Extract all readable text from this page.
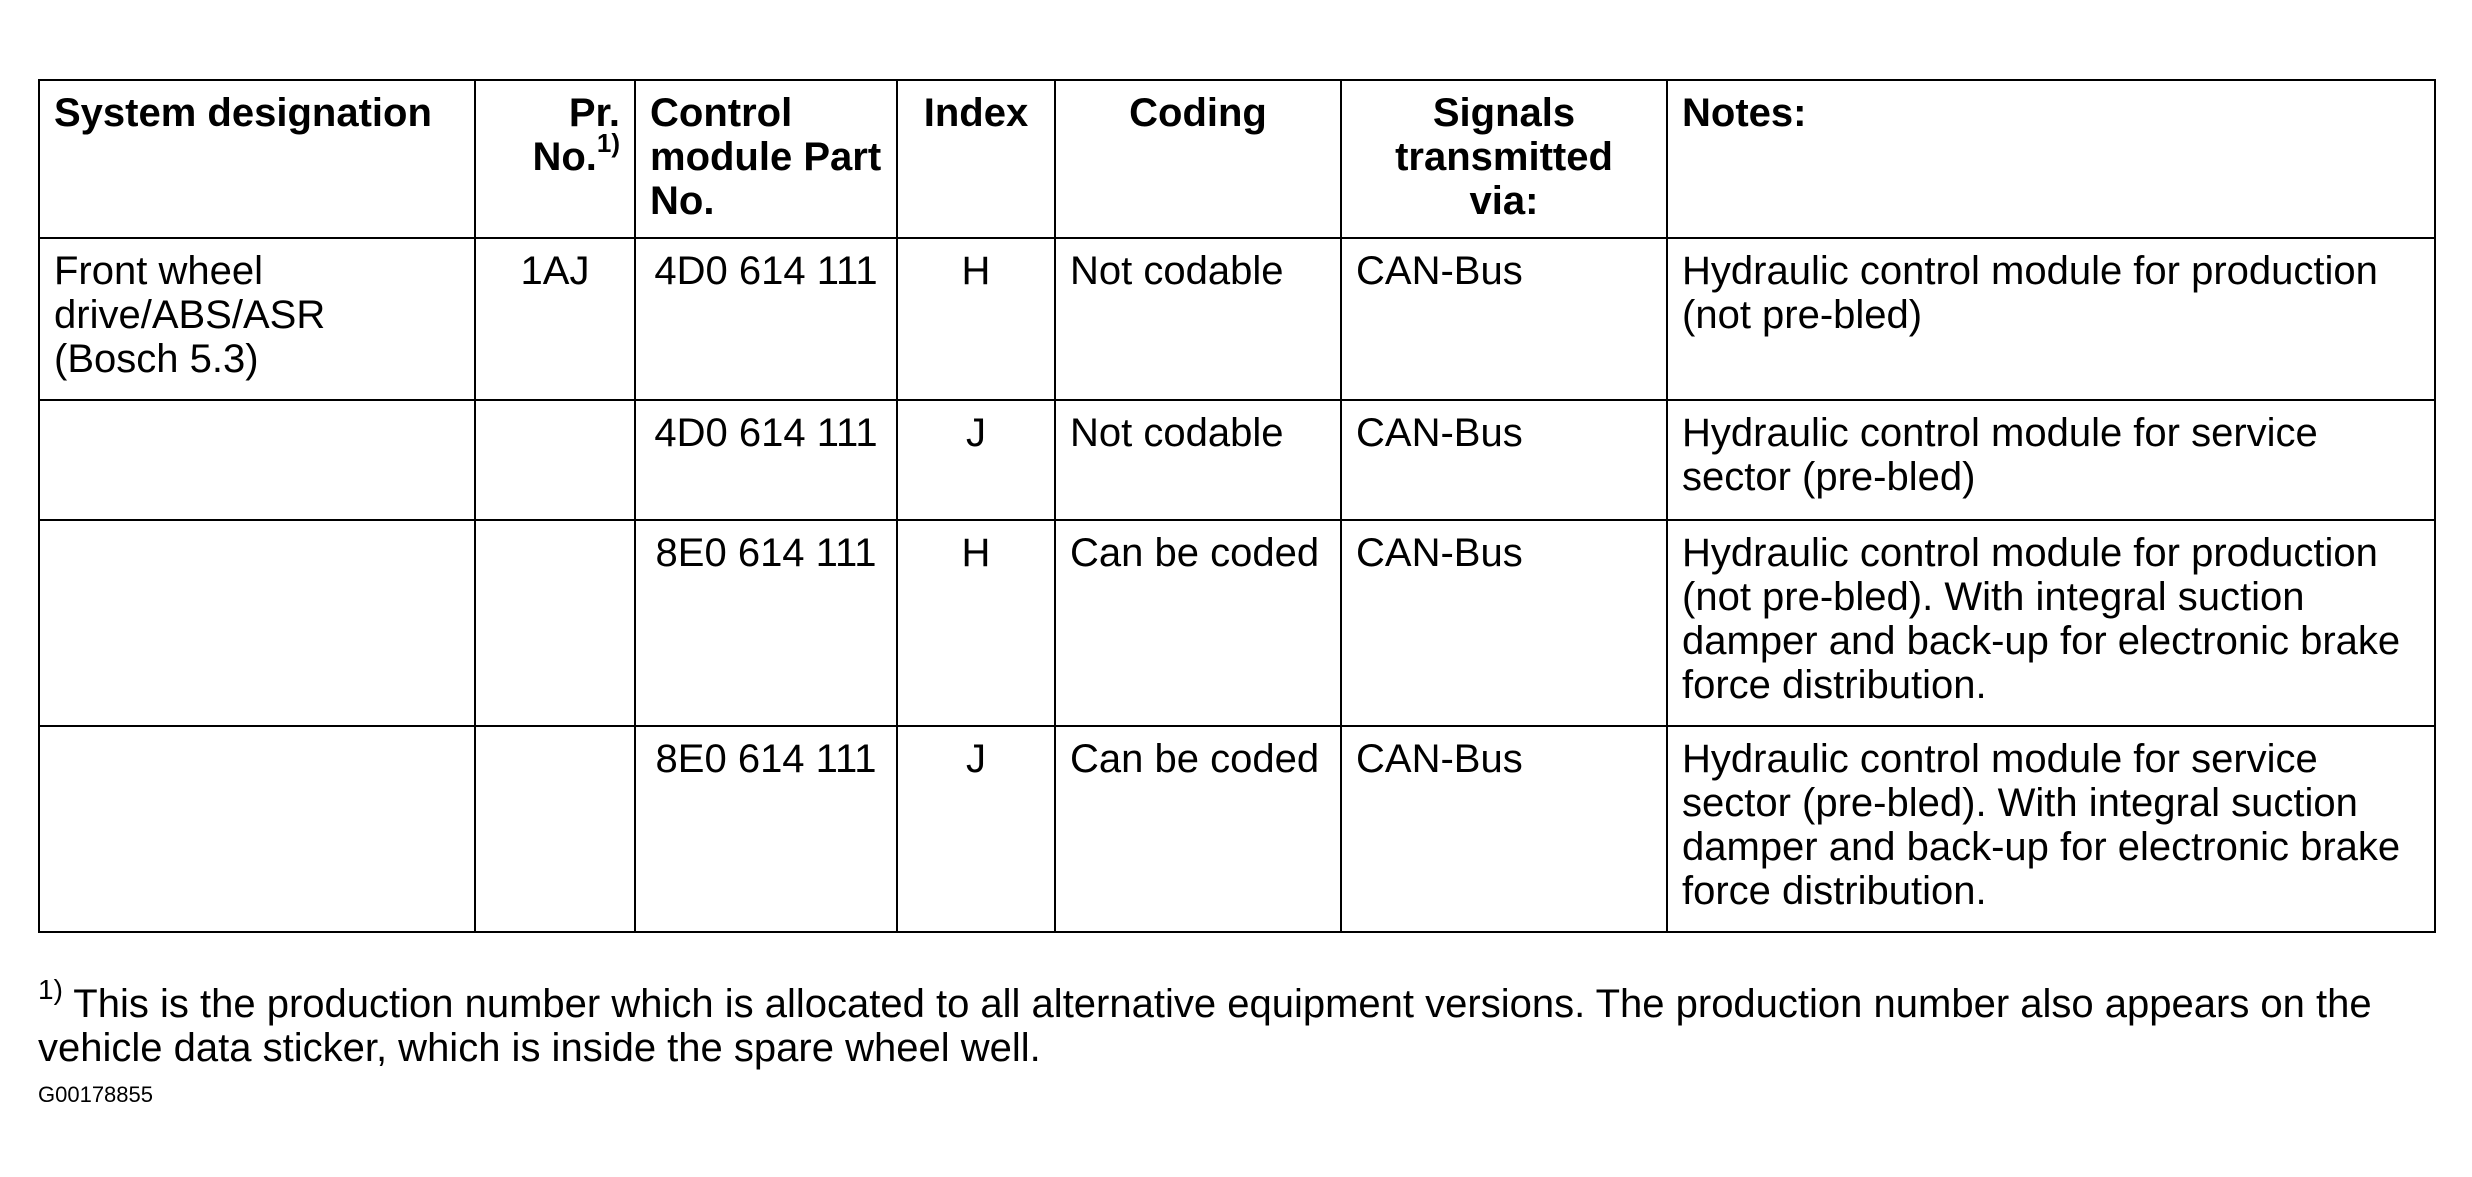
System designation	Pr. No.$^{1)}$	Control module Part No.	Index	Coding	Signals transmitted via:	Notes:
Front wheel drive/ABS/ASR (Bosch 5.3)	1AJ	4D0 614 111	H	Not codable	CAN-Bus	Hydraulic control module for production (not pre-bled)
		4D0 614 111	J	Not codable	CAN-Bus	Hydraulic control module for service sector (pre-bled)
		8E0 614 111	H	Can be coded	CAN-Bus	Hydraulic control module for production (not pre-bled). With integral suction damper and back-up for electronic brake force distribution.
		8E0 614 111	J	Can be coded	CAN-Bus	Hydraulic control module for service sector (pre-bled). With integral suction damper and back-up for electronic brake force distribution.
$^{1)}$ This is the production number which is allocated to all alternative equipment versions. The production number also appears on the vehicle data sticker, which is inside the spare wheel well.
G00178855
